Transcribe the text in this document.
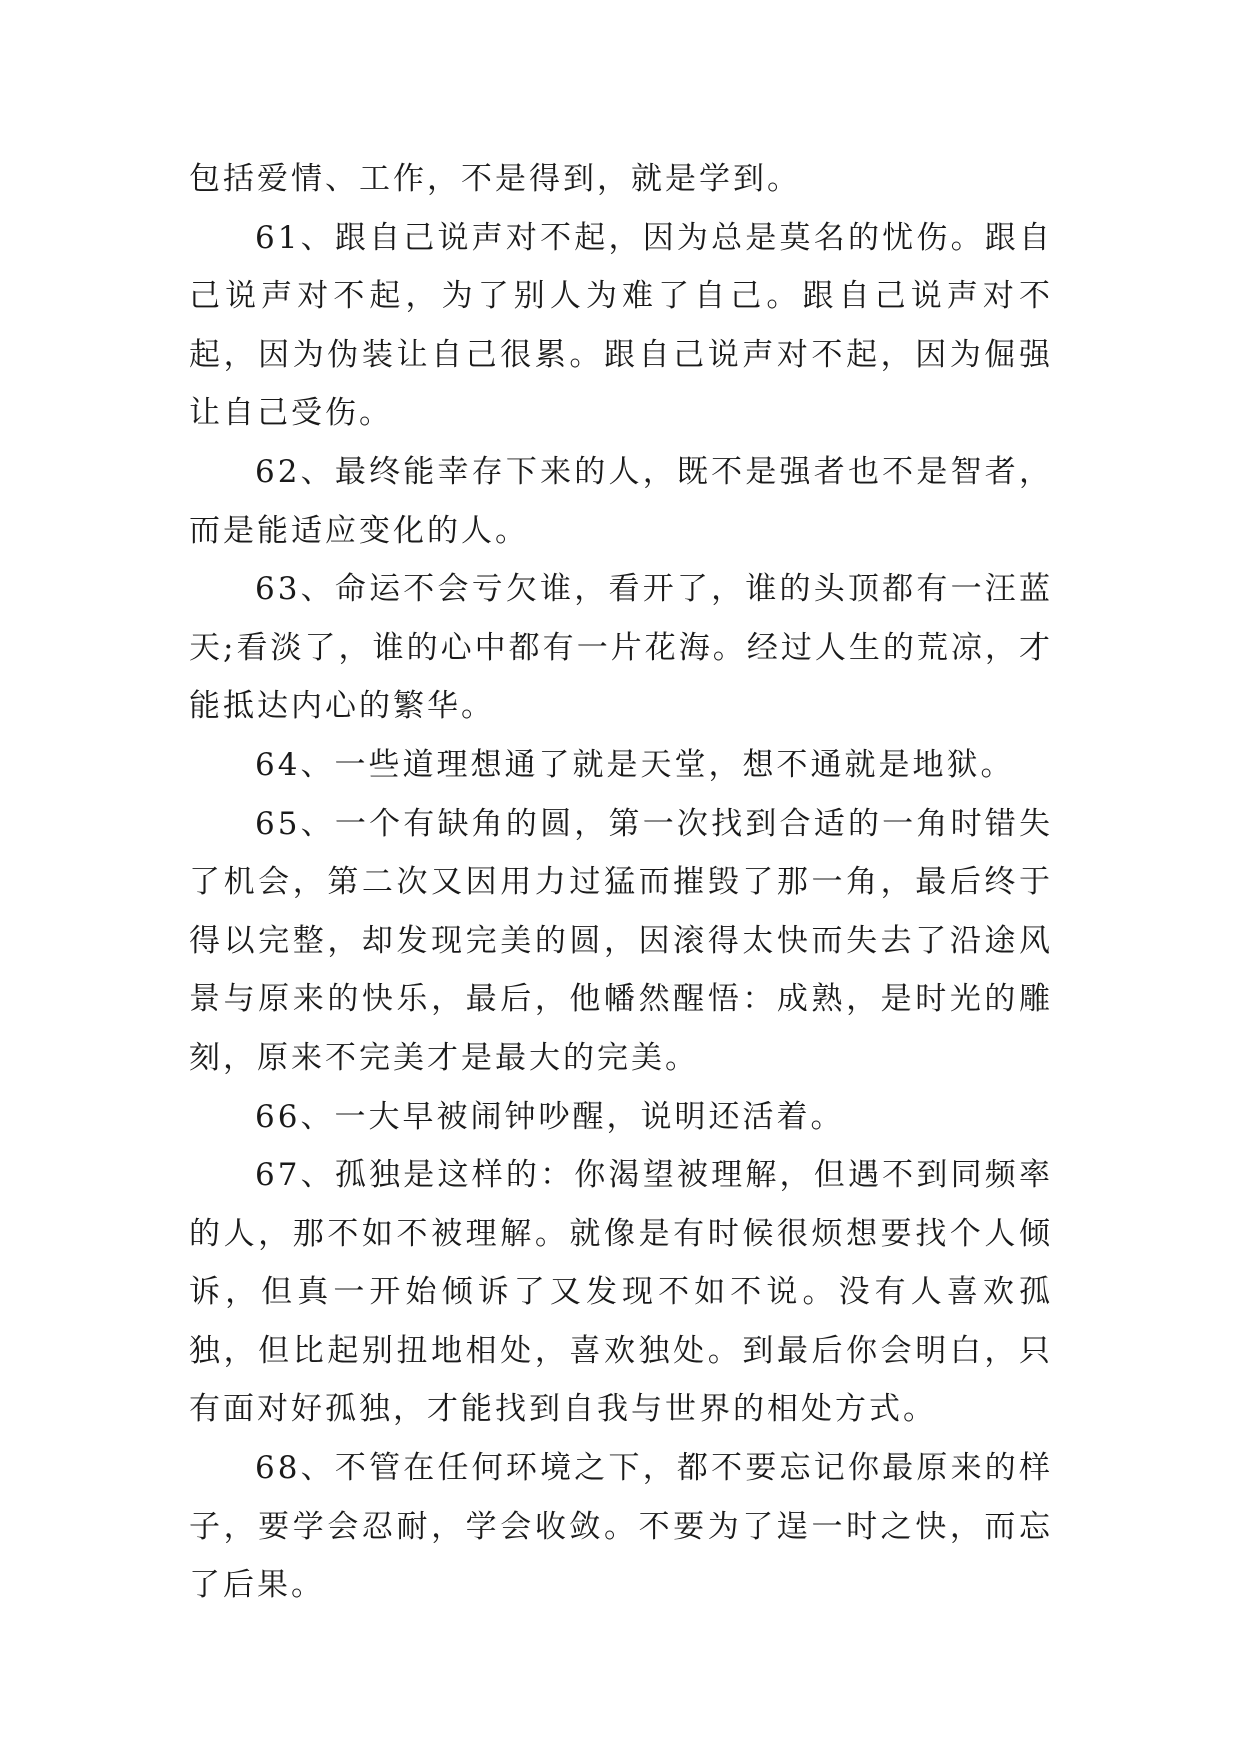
包括爱情、工作，不是得到，就是学到。

61、跟自己说声对不起，因为总是莫名的忧伤。跟自己说声对不起，为了别人为难了自己。跟自己说声对不起，因为伪装让自己很累。跟自己说声对不起，因为倔强让自己受伤。

62、最终能幸存下来的人，既不是强者也不是智者，而是能适应变化的人。

63、命运不会亏欠谁，看开了，谁的头顶都有一汪蓝天;看淡了，谁的心中都有一片花海。经过人生的荒凉，才能抵达内心的繁华。

64、一些道理想通了就是天堂，想不通就是地狱。

65、一个有缺角的圆，第一次找到合适的一角时错失了机会，第二次又因用力过猛而摧毁了那一角，最后终于得以完整，却发现完美的圆，因滚得太快而失去了沿途风景与原来的快乐，最后，他幡然醒悟：成熟，是时光的雕刻，原来不完美才是最大的完美。

66、一大早被闹钟吵醒，说明还活着。

67、孤独是这样的：你渴望被理解，但遇不到同频率的人，那不如不被理解。就像是有时候很烦想要找个人倾诉，但真一开始倾诉了又发现不如不说。没有人喜欢孤独，但比起别扭地相处，喜欢独处。到最后你会明白，只有面对好孤独，才能找到自我与世界的相处方式。

68、不管在任何环境之下，都不要忘记你最原来的样子，要学会忍耐，学会收敛。不要为了逞一时之快，而忘了后果。
